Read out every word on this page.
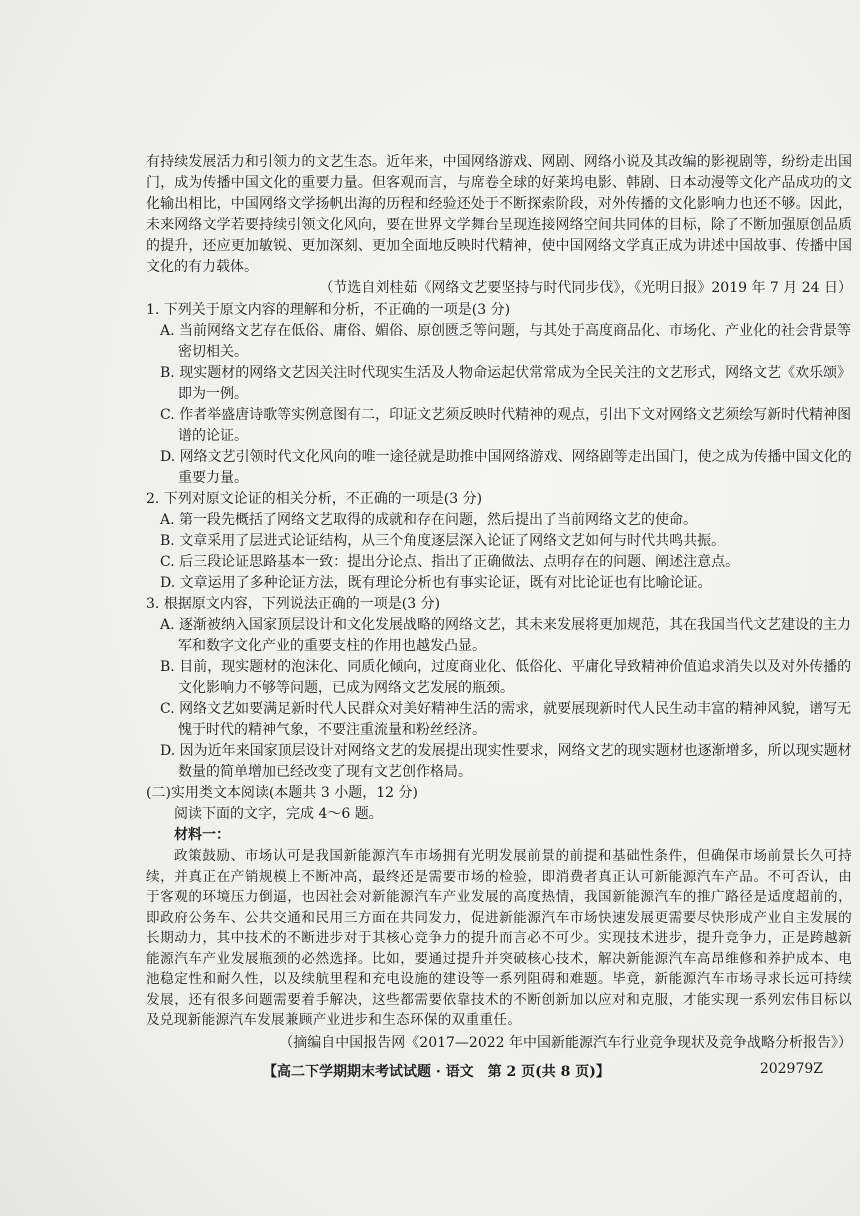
有持续发展活力和引领力的文艺生态。近年来，中国网络游戏、网剧、网络小说及其改编的影视剧等，纷纷走出国门，成为传播中国文化的重要力量。但客观而言，与席卷全球的好莱坞电影、韩剧、日本动漫等文化产品成功的文化输出相比，中国网络文学扬帆出海的历程和经验还处于不断探索阶段，对外传播的文化影响力也还不够。因此，未来网络文学若要持续引领文化风向，要在世界文学舞台呈现连接网络空间共同体的目标，除了不断加强原创品质的提升，还应更加敏锐、更加深刻、更加全面地反映时代精神，使中国网络文学真正成为讲述中国故事、传播中国文化的有力载体。

（节选自刘桂茹《网络文艺要坚持与时代同步伐》，《光明日报》2019 年 7 月 24 日）

1. 下列关于原文内容的理解和分析，不正确的一项是(3 分)

A. 当前网络文艺存在低俗、庸俗、媚俗、原创匮乏等问题，与其处于高度商品化、市场化、产业化的社会背景等密切相关。

B. 现实题材的网络文艺因关注时代现实生活及人物命运起伏常常成为全民关注的文艺形式，网络文艺《欢乐颂》即为一例。

C. 作者举盛唐诗歌等实例意图有二，印证文艺须反映时代精神的观点，引出下文对网络文艺须绘写新时代精神图谱的论证。

D. 网络文艺引领时代文化风向的唯一途径就是助推中国网络游戏、网络剧等走出国门，使之成为传播中国文化的重要力量。

2. 下列对原文论证的相关分析，不正确的一项是(3 分)

A. 第一段先概括了网络文艺取得的成就和存在问题，然后提出了当前网络文艺的使命。

B. 文章采用了层进式论证结构，从三个角度逐层深入论证了网络文艺如何与时代共鸣共振。

C. 后三段论证思路基本一致：提出分论点、指出了正确做法、点明存在的问题、阐述注意点。

D. 文章运用了多种论证方法，既有理论分析也有事实论证，既有对比论证也有比喻论证。

3. 根据原文内容，下列说法正确的一项是(3 分)

A. 逐渐被纳入国家顶层设计和文化发展战略的网络文艺，其未来发展将更加规范，其在我国当代文艺建设的主力军和数字文化产业的重要支柱的作用也越发凸显。

B. 目前，现实题材的泡沫化、同质化倾向，过度商业化、低俗化、平庸化导致精神价值追求消失以及对外传播的文化影响力不够等问题，已成为网络文艺发展的瓶颈。

C. 网络文艺如要满足新时代人民群众对美好精神生活的需求，就要展现新时代人民生动丰富的精神风貌，谱写无愧于时代的精神气象，不要注重流量和粉丝经济。

D. 因为近年来国家顶层设计对网络文艺的发展提出现实性要求，网络文艺的现实题材也逐渐增多，所以现实题材数量的简单增加已经改变了现有文艺创作格局。

(二)实用类文本阅读(本题共 3 小题，12 分)

阅读下面的文字，完成 4～6 题。

材料一：

政策鼓励、市场认可是我国新能源汽车市场拥有光明发展前景的前提和基础性条件，但确保市场前景长久可持续，并真正在产销规模上不断冲高，最终还是需要市场的检验，即消费者真正认可新能源汽车产品。不可否认，由于客观的环境压力倒逼，也因社会对新能源汽车产业发展的高度热情，我国新能源汽车的推广路径是适度超前的，即政府公务车、公共交通和民用三方面在共同发力，促进新能源汽车市场快速发展更需要尽快形成产业自主发展的长期动力，其中技术的不断进步对于其核心竞争力的提升而言必不可少。实现技术进步，提升竞争力，正是跨越新能源汽车产业发展瓶颈的必然选择。比如，要通过提升并突破核心技术，解决新能源汽车高昂维修和养护成本、电池稳定性和耐久性，以及续航里程和充电设施的建设等一系列阻碍和难题。毕竟，新能源汽车市场寻求长远可持续发展，还有很多问题需要着手解决，这些都需要依靠技术的不断创新加以应对和克服，才能实现一系列宏伟目标以及兑现新能源汽车发展兼顾产业进步和生态环保的双重重任。

（摘编自中国报告网《2017—2022 年中国新能源汽车行业竞争现状及竞争战略分析报告》）

【高二下学期期末考试试题 · 语文　第 2 页(共 8 页)】	202979Z
